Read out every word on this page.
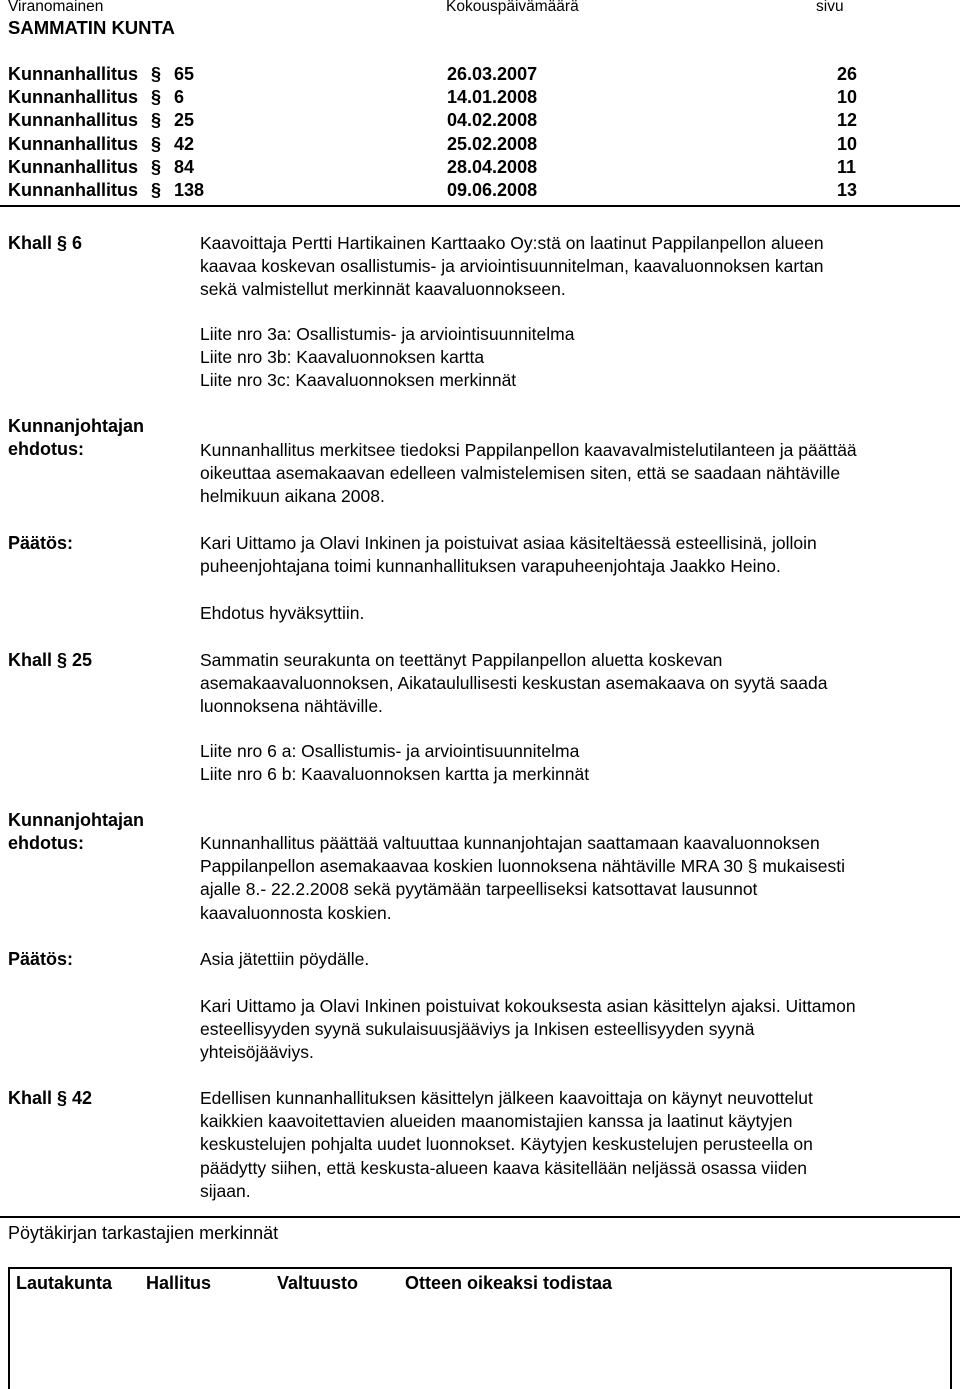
Viranomainen	Kokouspäivämäärä	sivu
SAMMATIN KUNTA
Kunnanhallitus § 65	26.03.2007	26
Kunnanhallitus § 6	14.01.2008	10
Kunnanhallitus § 25	04.02.2008	12
Kunnanhallitus § 42	25.02.2008	10
Kunnanhallitus § 84	28.04.2008	11
Kunnanhallitus § 138	09.06.2008	13
Khall § 6	Kaavoittaja Pertti Hartikainen Karttaako Oy:stä on laatinut Pappilanpellon alueen
kaavaa koskevan osallistumis- ja arviointisuunnitelman, kaavaluonnoksen kartan
sekä valmistellut merkinnät kaavaluonnokseen.
Liite nro 3a: Osallistumis- ja arviointisuunnitelma
Liite nro 3b: Kaavaluonnoksen kartta
Liite nro 3c: Kaavaluonnoksen merkinnät
Kunnanjohtajan
ehdotus:	Kunnanhallitus merkitsee tiedoksi Pappilanpellon kaavavalmistelutilanteen ja päättää
oikeuttaa asemakaavan edelleen valmistelemisen siten, että se saadaan nähtäville
helmikuun aikana 2008.
Päätös:	Kari Uittamo ja Olavi Inkinen ja poistuivat asiaa käsiteltäessä esteellisinä, jolloin
puheenjohtajana toimi kunnanhallituksen varapuheenjohtaja Jaakko Heino.
Ehdotus hyväksyttiin.
Khall § 25	Sammatin seurakunta on teettänyt Pappilanpellon aluetta koskevan
asemakaavaluonnoksen, Aikataulullisesti keskustan asemakaava on syytä saada
luonnoksena nähtäville.
Liite nro 6 a: Osallistumis- ja arviointisuunnitelma
Liite nro 6 b: Kaavaluonnoksen kartta ja merkinnät
Kunnanjohtajan
ehdotus:	Kunnanhallitus päättää valtuuttaa kunnanjohtajan saattamaan kaavaluonnoksen
Pappilanpellon asemakaavaa koskien luonnoksena nähtäville MRA 30 § mukaisesti
ajalle 8.- 22.2.2008 sekä pyytämään tarpeelliseksi katsottavat lausunnot
kaavaluonnosta koskien.
Päätös:	Asia jätettiin pöydälle.
Kari Uittamo ja Olavi Inkinen poistuivat kokouksesta asian käsittelyn ajaksi. Uittamon
esteellisyyden syynä sukulaisuusjääviys ja Inkisen esteellisyyden syynä
yhteisöjääviys.
Khall § 42	Edellisen kunnanhallituksen käsittelyn jälkeen kaavoittaja on käynyt neuvottelut
kaikkien kaavoitettavien alueiden maanomistajien kanssa ja laatinut käytyjen
keskustelujen pohjalta uudet luonnokset. Käytyjen keskustelujen perusteella on
päädytty siihen, että keskusta-alueen kaava käsitellään neljässä osassa viiden
sijaan.
Pöytäkirjan tarkastajien merkinnät
Lautakunta Hallitus	Valtuusto	Otteen oikeaksi todistaa
